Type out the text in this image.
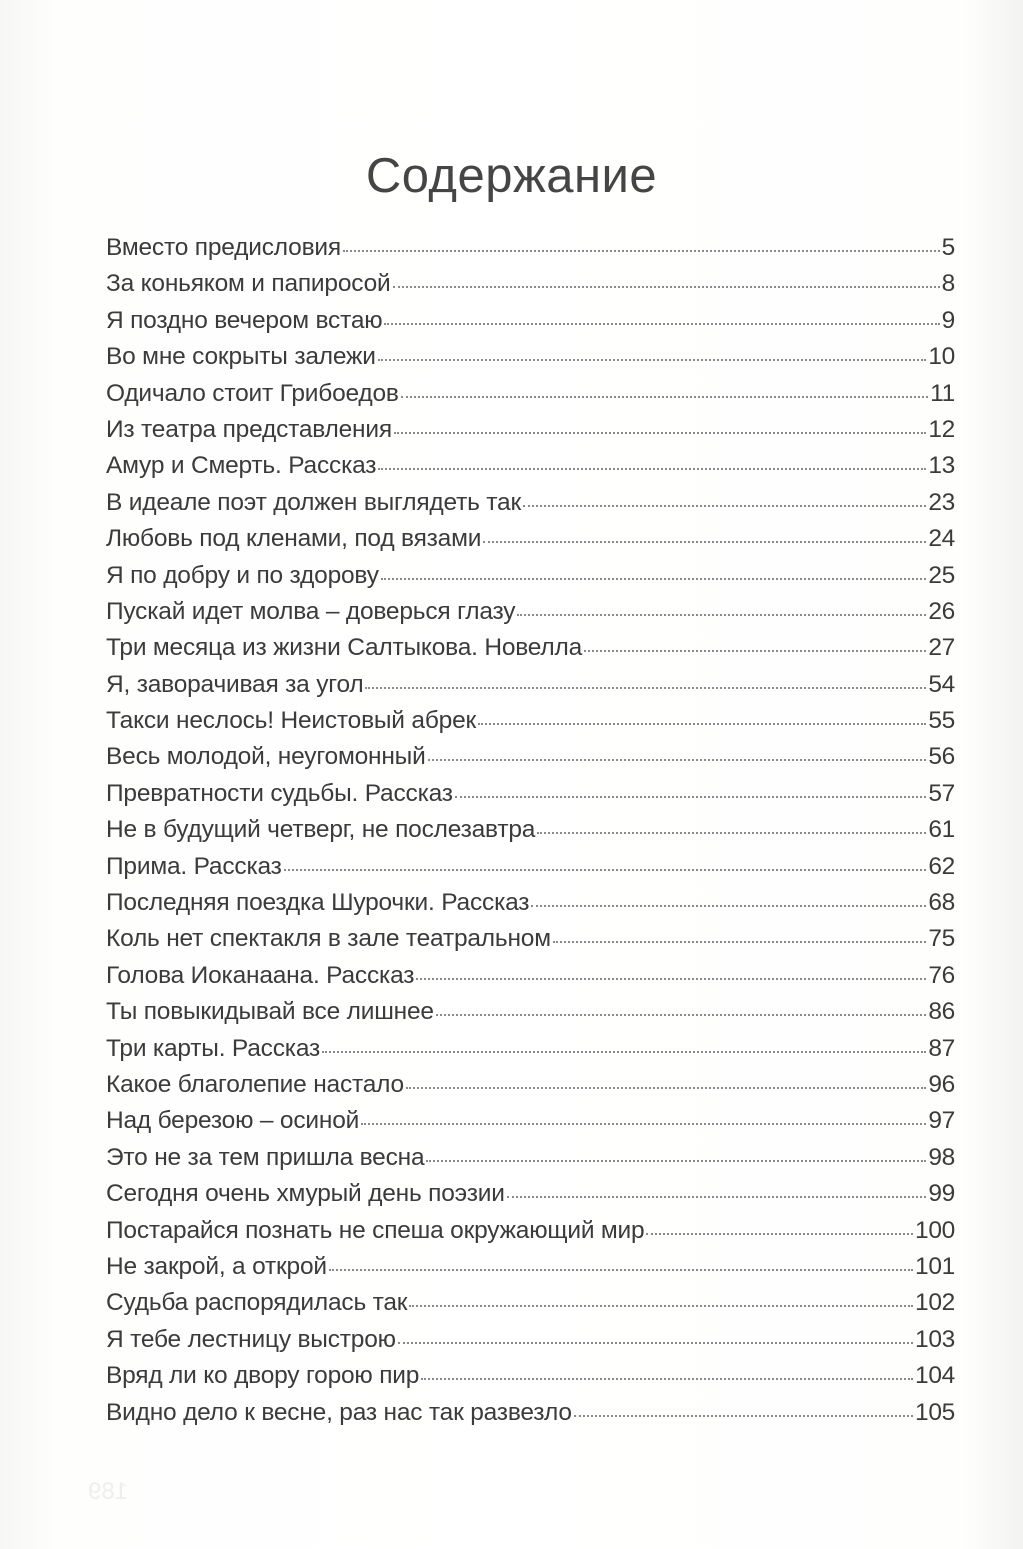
189
Содержание
Вместо предисловия	5
За коньяком и папиросой	8
Я поздно вечером встаю	9
Во мне сокрыты залежи	10
Одичало стоит Грибоедов	11
Из театра представления	12
Амур и Смерть. Рассказ	13
В идеале поэт должен выглядеть так	23
Любовь под кленами, под вязами	24
Я по добру и по здорову	25
Пускай идет молва – доверься глазу	26
Три месяца из жизни Салтыкова. Новелла	27
Я, заворачивая за угол	54
Такси неслось! Неистовый абрек	55
Весь молодой, неугомонный	56
Превратности судьбы. Рассказ	57
Не в будущий четверг, не послезавтра	61
Прима. Рассказ	62
Последняя поездка Шурочки. Рассказ	68
Коль нет спектакля в зале театральном	75
Голова Иоканаана. Рассказ	76
Ты повыкидывай все лишнее	86
Три карты. Рассказ	87
Какое благолепие настало	96
Над березою – осиной	97
Это не за тем пришла весна	98
Сегодня очень хмурый день поэзии	99
Постарайся познать не спеша окружающий мир	100
Не закрой, а открой	101
Судьба распорядилась так	102
Я тебе лестницу выстрою	103
Вряд ли ко двору горою пир	104
Видно дело к весне, раз нас так развезло	105
